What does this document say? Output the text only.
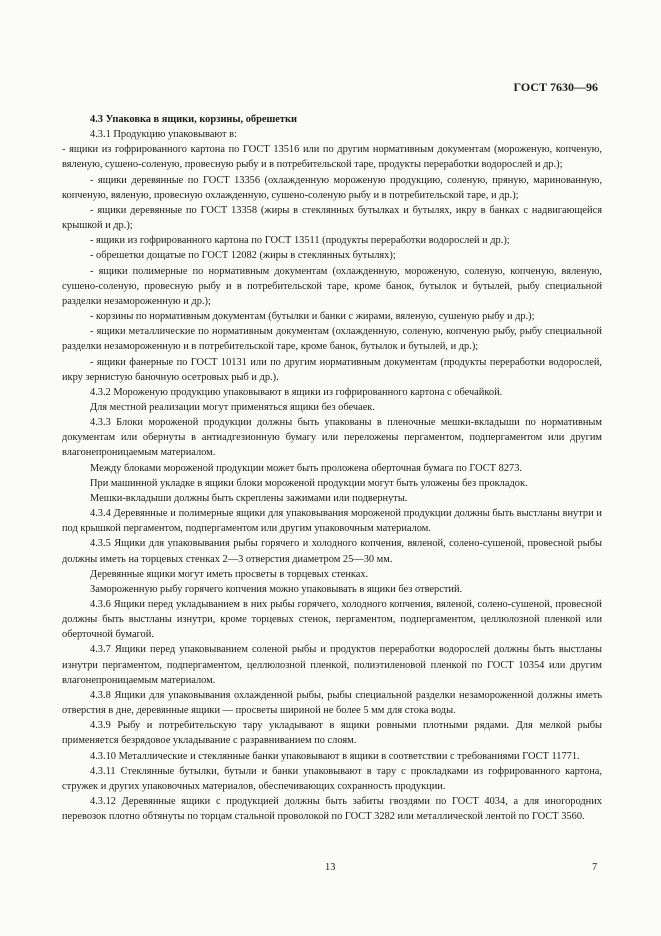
ГОСТ 7630—96

4.3 Упаковка в ящики, корзины, обрешетки

4.3.1 Продукцию упаковывают в:

- ящики из гофрированного картона по ГОСТ 13516 или по другим нормативным документам (мороженую, копченую, вяленую, сушено-соленую, провесную рыбу и в потребительской таре, продукты переработки водорослей и др.);

- ящики деревянные по ГОСТ 13356 (охлажденную мороженую продукцию, соленую, пряную, маринованную, копченую, вяленую, провесную охлажденную, сушено-соленую рыбу и в потребительской таре, и др.);

- ящики деревянные по ГОСТ 13358 (жиры в стеклянных бутылках и бутылях, икру в банках с надвигающейся крышкой и др.);

- ящики из гофрированного картона по ГОСТ 13511 (продукты переработки водорослей и др.);

- обрешетки дощатые по ГОСТ 12082 (жиры в стеклянных бутылях);

- ящики полимерные по нормативным документам (охлажденную, мороженую, соленую, копченую, вяленую, сушено-соленую, провесную рыбу и в потребительской таре, кроме банок, бутылок и бутылей, рыбу специальной разделки незамороженную и др.);

- корзины по нормативным документам (бутылки и банки с жирами, вяленую, сушеную рыбу и др.);

- ящики металлические по нормативным документам (охлажденную, соленую, копченую рыбу, рыбу специальной разделки незамороженную и в потребительской таре, кроме банок, бутылок и бутылей, и др.);

- ящики фанерные по ГОСТ 10131 или по другим нормативным документам (продукты переработки водорослей, икру зернистую баночную осетровых рыб и др.).

4.3.2 Мороженую продукцию упаковывают в ящики из гофрированного картона с обечайкой.

Для местной реализации могут применяться ящики без обечаек.

4.3.3 Блоки мороженой продукции должны быть упакованы в пленочные мешки-вкладыши по нормативным документам или обернуты в антиадгезионную бумагу или переложены пергаментом, подпергаментом или другим влагонепроницаемым материалом.

Между блоками мороженой продукции может быть проложена оберточная бумага по ГОСТ 8273.

При машинной укладке в ящики блоки мороженой продукции могут быть уложены без прокладок.

Мешки-вкладыши должны быть скреплены зажимами или подвернуты.

4.3.4 Деревянные и полимерные ящики для упаковывания мороженой продукции должны быть выстланы внутри и под крышкой пергаментом, подпергаментом или другим упаковочным материалом.

4.3.5 Ящики для упаковывания рыбы горячего и холодного копчения, вяленой, солено-сушеной, провесной рыбы должны иметь на торцевых стенках 2—3 отверстия диаметром 25—30 мм.

Деревянные ящики могут иметь просветы в торцевых стенках.

Замороженную рыбу горячего копчения можно упаковывать в ящики без отверстий.

4.3.6 Ящики перед укладыванием в них рыбы горячего, холодного копчения, вяленой, солено-сушеной, провесной должны быть выстланы изнутри, кроме торцевых стенок, пергаментом, подпергаментом, целлюлозной пленкой или оберточной бумагой.

4.3.7 Ящики перед упаковыванием соленой рыбы и продуктов переработки водорослей должны быть выстланы изнутри пергаментом, подпергаментом, целлюлозной пленкой, полиэтиленовой пленкой по ГОСТ 10354 или другим влагонепроницаемым материалом.

4.3.8 Ящики для упаковывания охлажденной рыбы, рыбы специальной разделки незамороженной должны иметь отверстия в дне, деревянные ящики — просветы шириной не более 5 мм для стока воды.

4.3.9 Рыбу и потребительскую тару укладывают в ящики ровными плотными рядами. Для мелкой рыбы применяется безрядовое укладывание с разравниванием по слоям.

4.3.10 Металлические и стеклянные банки упаковывают в ящики в соответствии с требованиями ГОСТ 11771.

4.3.11 Стеклянные бутылки, бутыли и банки упаковывают в тару с прокладками из гофрированного картона, стружек и других упаковочных материалов, обеспечивающих сохранность продукции.

4.3.12 Деревянные ящики с продукцией должны быть забиты гвоздями по ГОСТ 4034, а для иногородних перевозок плотно обтянуты по торцам стальной проволокой по ГОСТ 3282 или металлической лентой по ГОСТ 3560.

13	7
